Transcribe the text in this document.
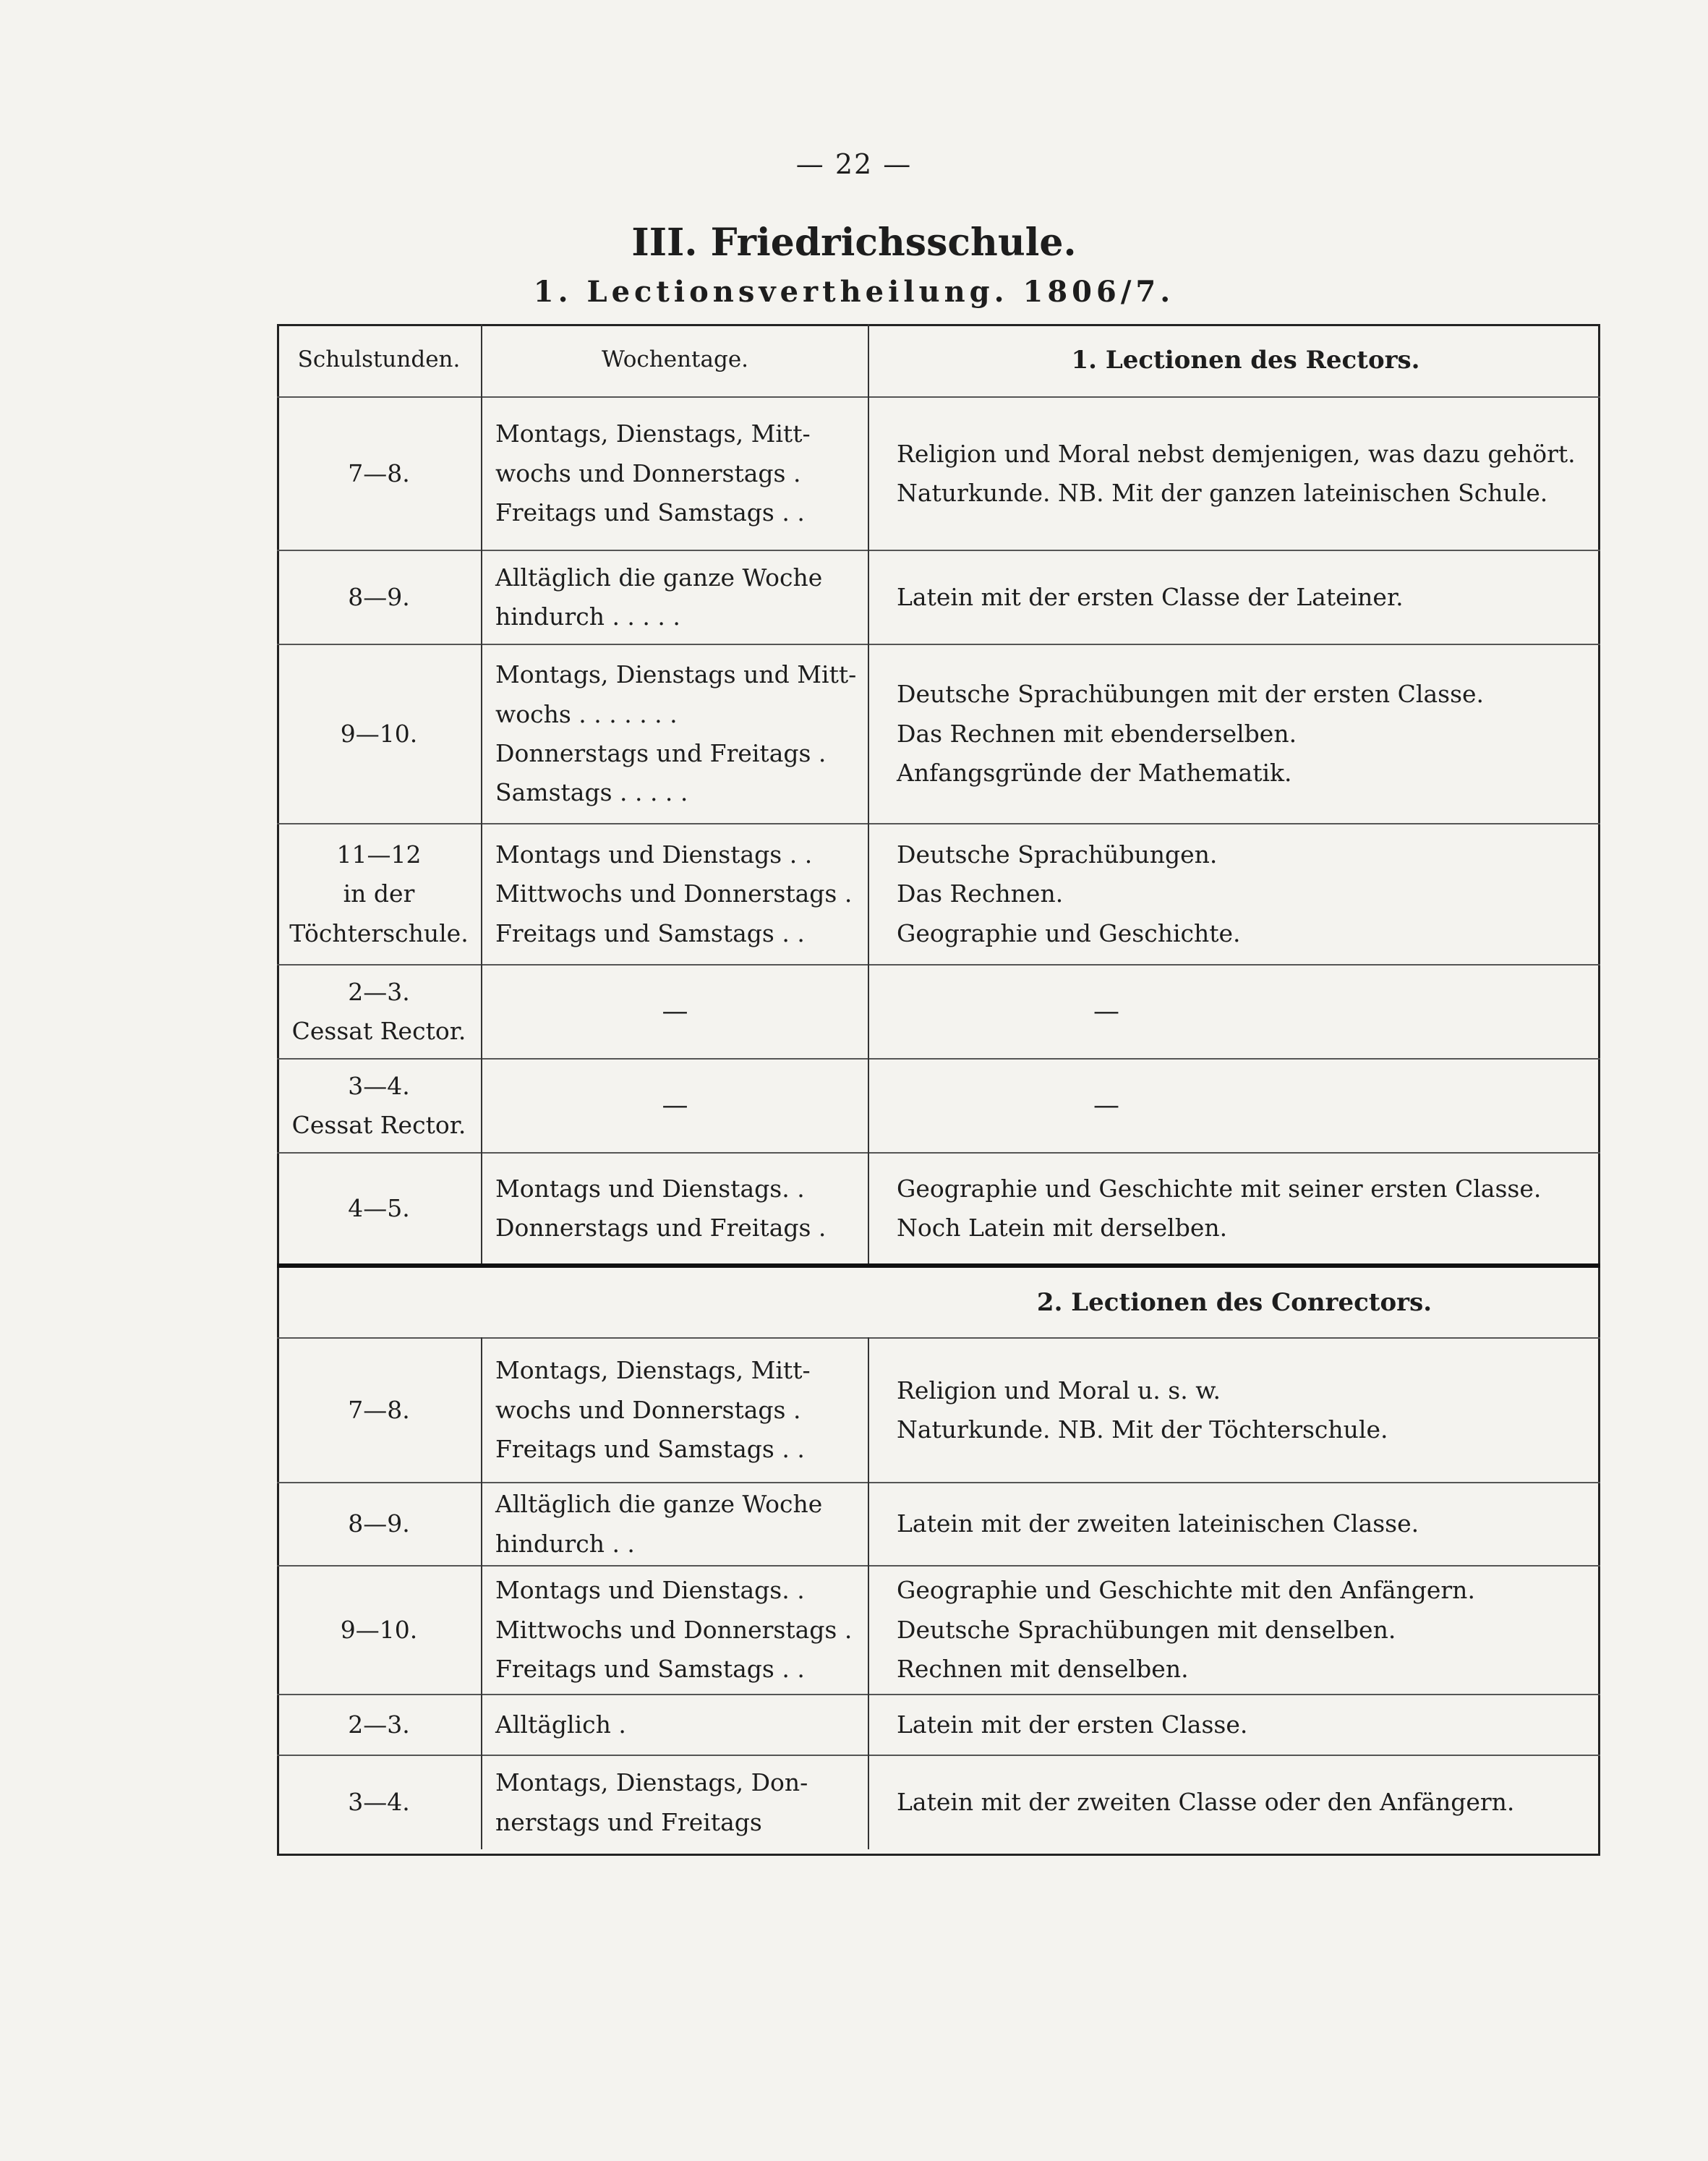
— 22 —
III. Friedrichsschule.
1. Lectionsvertheilung. 1806/7.
Schulstunden.	Wochentage.	1. Lectionen des Rectors.

7—8.	Montags, Dienstags, Mitt-
wochs und Donnerstags .
Freitags und Samstags . .	Religion und Moral nebst demjenigen, was dazu gehört.
Naturkunde. NB. Mit der ganzen lateinischen Schule.

8—9.	Alltäglich die ganze Woche
hindurch . . . . .	Latein mit der ersten Classe der Lateiner.

9—10.	Montags, Dienstags und Mitt-
wochs . . . . . . .
Donnerstags und Freitags .
Samstags . . . . .	Deutsche Sprachübungen mit der ersten Classe.
Das Rechnen mit ebenderselben.
Anfangsgründe der Mathematik.

11—12
in der
Töchterschule.	Montags und Dienstags . .
Mittwochs und Donnerstags .
Freitags und Samstags . .	Deutsche Sprachübungen.
Das Rechnen.
Geographie und Geschichte.

2—3.
Cessat Rector.	—	—

3—4.
Cessat Rector.	—	—

4—5.	Montags und Dienstags. .
Donnerstags und Freitags .	Geographie und Geschichte mit seiner ersten Classe.
Noch Latein mit derselben.

		2. Lectionen des Conrectors.

7—8.	Montags, Dienstags, Mitt-
wochs und Donnerstags .
Freitags und Samstags . .	Religion und Moral u. s. w.
Naturkunde. NB. Mit der Töchterschule.

8—9.	Alltäglich die ganze Woche
hindurch . .	Latein mit der zweiten lateinischen Classe.

9—10.	Montags und Dienstags. .
Mittwochs und Donnerstags .
Freitags und Samstags . .	Geographie und Geschichte mit den Anfängern.
Deutsche Sprachübungen mit denselben.
Rechnen mit denselben.

2—3.	Alltäglich .	Latein mit der ersten Classe.

3—4.	Montags, Dienstags, Don-
nerstags und Freitags	Latein mit der zweiten Classe oder den Anfängern.
